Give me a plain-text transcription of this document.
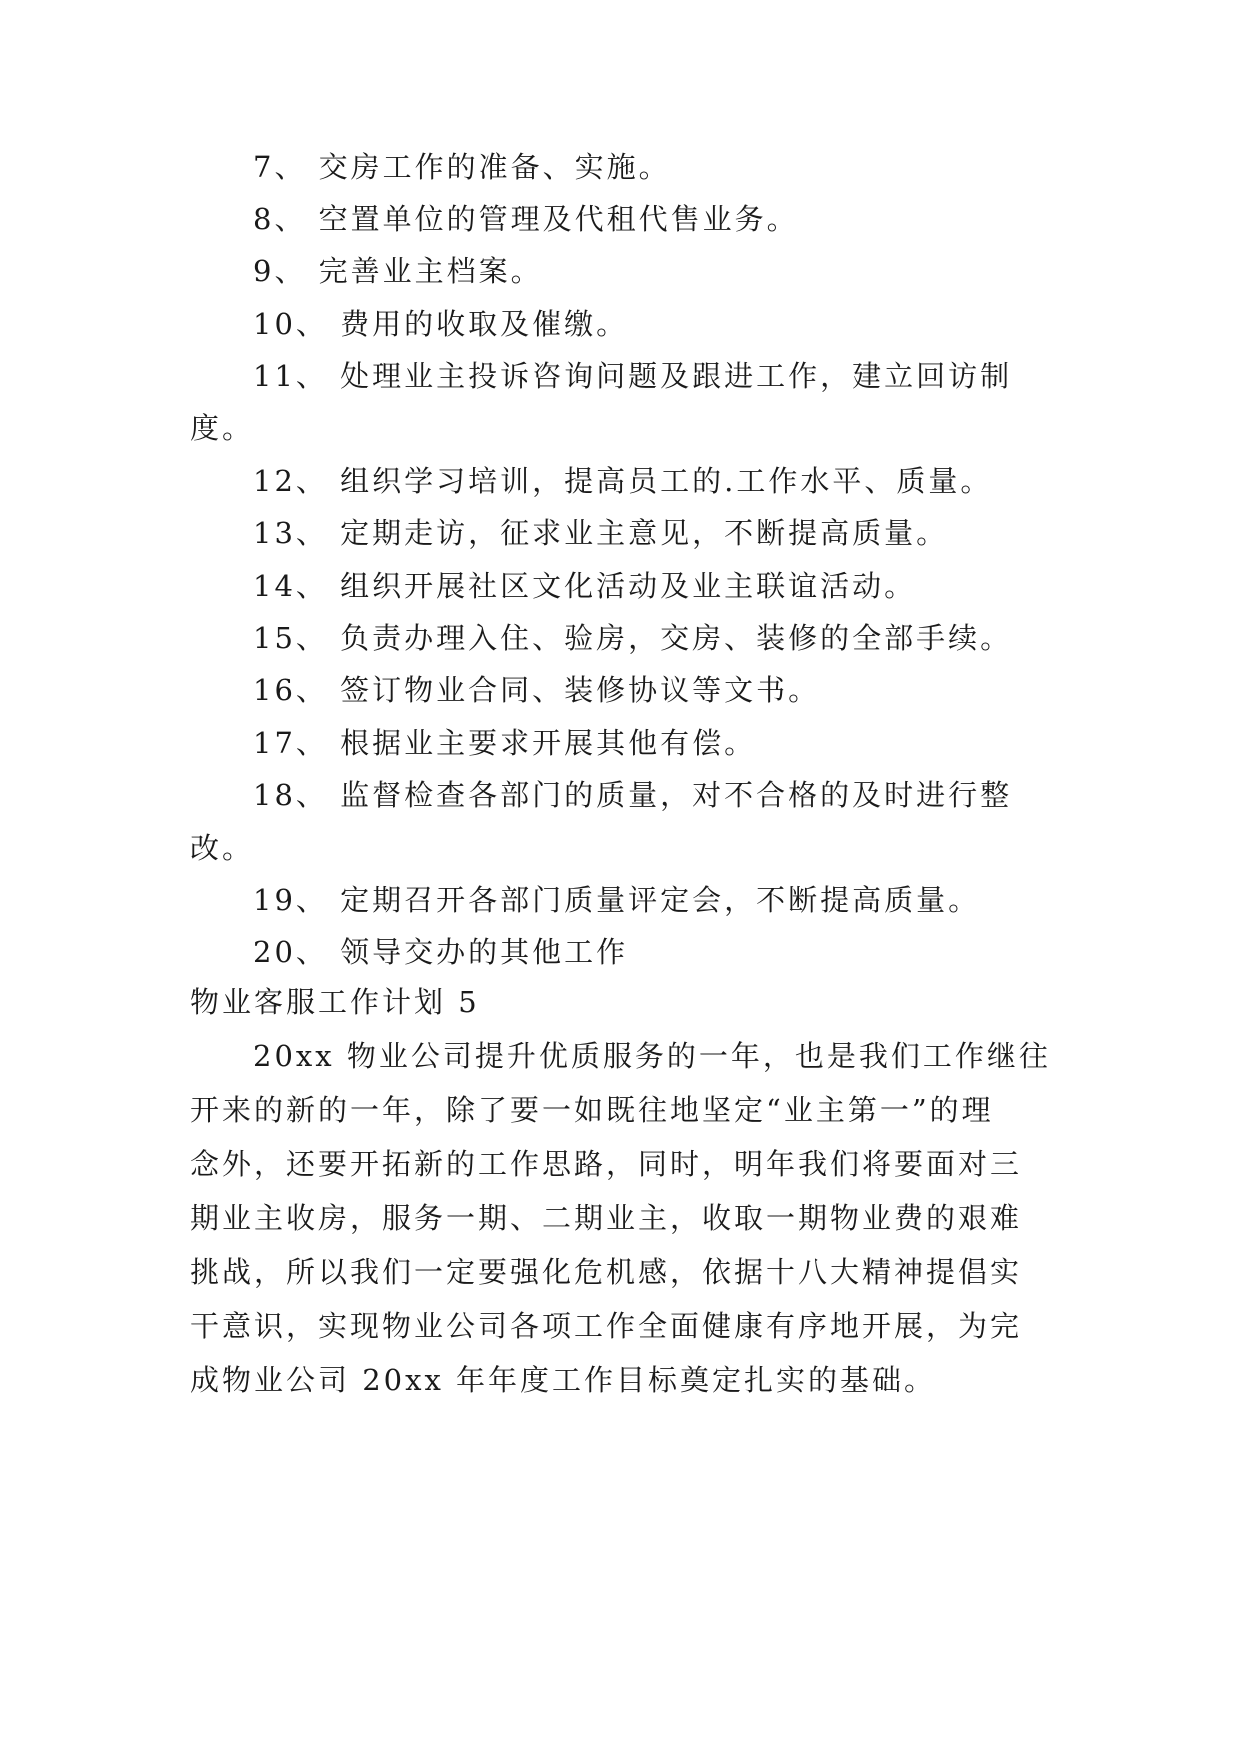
7、 交房工作的准备、实施。
8、 空置单位的管理及代租代售业务。
9、 完善业主档案。
10、 费用的收取及催缴。
11、 处理业主投诉咨询问题及跟进工作，建立回访制
度。
12、 组织学习培训，提高员工的.工作水平、质量。
13、 定期走访，征求业主意见，不断提高质量。
14、 组织开展社区文化活动及业主联谊活动。
15、 负责办理入住、验房，交房、装修的全部手续。
16、 签订物业合同、装修协议等文书。
17、 根据业主要求开展其他有偿。
18、 监督检查各部门的质量，对不合格的及时进行整
改。
19、 定期召开各部门质量评定会，不断提高质量。
20、 领导交办的其他工作
物业客服工作计划 5
20xx 物业公司提升优质服务的一年，也是我们工作继往
开来的新的一年，除了要一如既往地坚定“业主第一”的理
念外，还要开拓新的工作思路，同时，明年我们将要面对三
期业主收房，服务一期、二期业主，收取一期物业费的艰难
挑战，所以我们一定要强化危机感，依据十八大精神提倡实
干意识，实现物业公司各项工作全面健康有序地开展，为完
成物业公司 20xx 年年度工作目标奠定扎实的基础。
